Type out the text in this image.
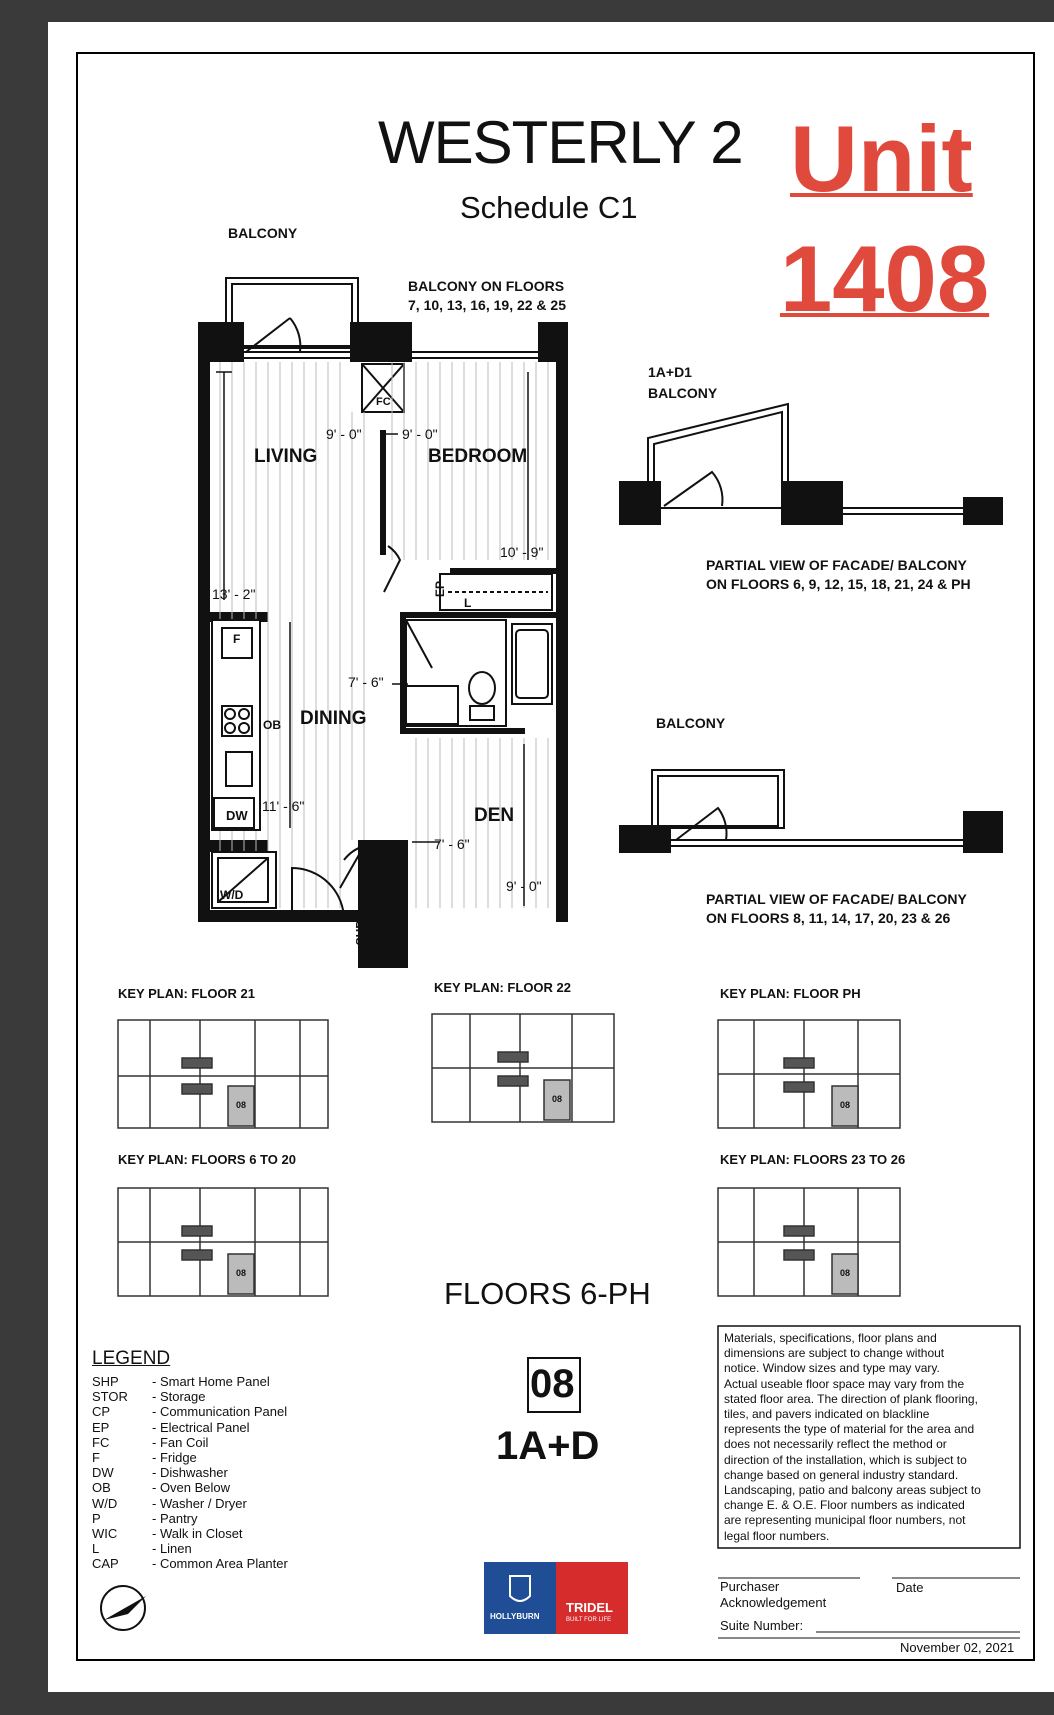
WESTERLY 2
Schedule C1 Unit
1408
BALCONY
BALCONY ON FLOORS
7, 10, 13, 16, 19, 22 & 25
LIVING	BEDROOM
DINING
DEN
FC
EP
L
F
OB
DW
W/D	CP
SHP
9' - 0"	9' - 0"
10' - 9"
13' - 2"
7' - 6"
11' - 6"
7' - 6"
9' - 0"
1A+D1
BALCONY
PARTIAL VIEW OF FACADE/ BALCONY
ON FLOORS 6, 9, 12, 15, 18, 21, 24 & PH
BALCONY
PARTIAL VIEW OF FACADE/ BALCONY
ON FLOORS 8, 11, 14, 17, 20, 23 & 26
KEY PLAN: FLOOR 21	KEY PLAN: FLOOR 22	KEY PLAN: FLOOR PH
KEY PLAN: FLOORS 6 TO 20	KEY PLAN: FLOORS 23 TO 26
08
08
08
08	08
FLOORS 6-PH
08
1A+D
LEGEND
SHP	- Smart Home Panel
STOR - Storage
CP	- Communication Panel
EP	- Electrical Panel
FC	- Fan Coil
F	- Fridge
DW	- Dishwasher
OB	- Oven Below
W/D	- Washer / Dryer
P	- Pantry
WIC	- Walk in Closet
L	- Linen
CAP	- Common Area Planter
Materials, specifications, floor plans and
dimensions are subject to change without
notice. Window sizes and type may vary.
Actual useable floor space may vary from the
stated floor area. The direction of plank flooring,
tiles, and pavers indicated on blackline
represents the type of material for the area and
does not necessarily reflect the method or
direction of the installation, which is subject to
change based on general industry standard.
Landscaping, patio and balcony areas subject to
change E. & O.E. Floor numbers as indicated
are representing municipal floor numbers, not
legal floor numbers.
Purchaser
Acknowledgement
Date
Suite Number:
November 02, 2021
HOLLYBURN
TRIDEL
BUILT FOR LIFE
